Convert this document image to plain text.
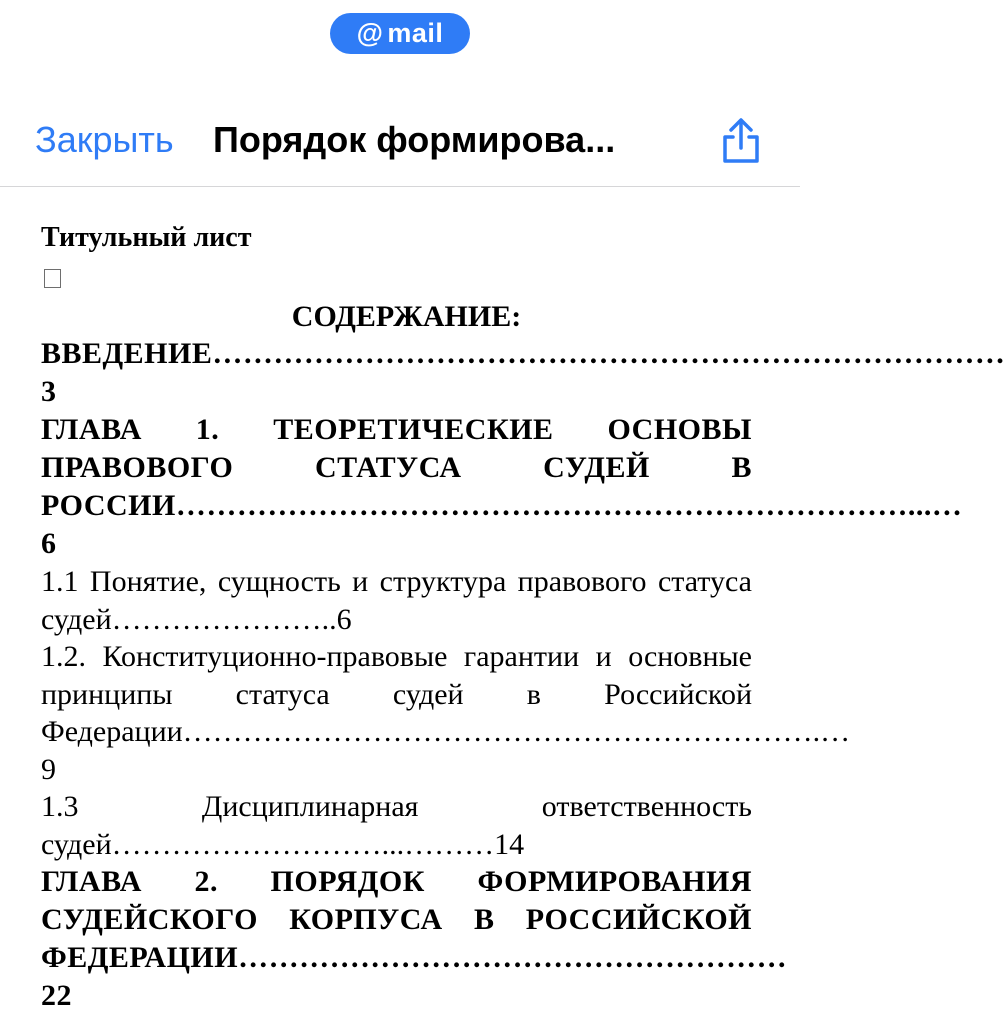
@ mail
Закрыть Порядок формирова...

Титульный лист

СОДЕРЖАНИЕ:

ВВЕДЕНИЕ……………………………………………………………………3

ГЛАВА 1. ТЕОРЕТИЧЕСКИЕ ОСНОВЫ ПРАВОВОГО СТАТУСА СУДЕЙ В РОССИИ………………………………………………………………...…6

1.1 Понятие, сущность и структура правового статуса судей…………………..6

1.2. Конституционно-правовые гарантии и основные принципы статуса судей в Российской Федерации……………………………………………………….…9

1.3 Дисциплинарная ответственность судей………………………...………14

ГЛАВА 2. ПОРЯДОК ФОРМИРОВАНИЯ СУДЕЙСКОГО КОРПУСА В РОССИЙСКОЙ ФЕДЕРАЦИИ………………………………………………22
